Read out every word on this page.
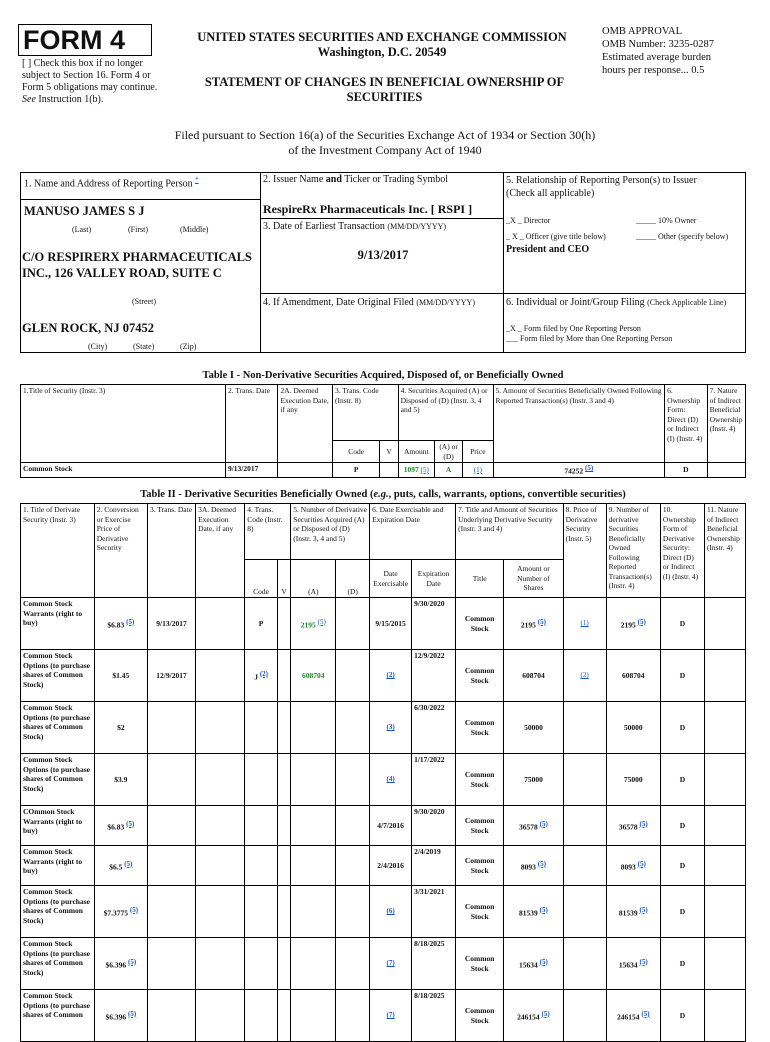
FORM 4
[ ] Check this box if no longer subject to Section 16. Form 4 or Form 5 obligations may continue. See Instruction 1(b).
UNITED STATES SECURITIES AND EXCHANGE COMMISSION
Washington, D.C. 20549
STATEMENT OF CHANGES IN BENEFICIAL OWNERSHIP OF SECURITIES
OMB APPROVAL
OMB Number: 3235-0287
Estimated average burden
hours per response... 0.5
Filed pursuant to Section 16(a) of the Securities Exchange Act of 1934 or Section 30(h) of the Investment Company Act of 1940
1. Name and Address of Reporting Person *
MANUSO JAMES S J
(Last)	(First)	(Middle)
C/O RESPIRERX PHARMACEUTICALS INC., 126 VALLEY ROAD, SUITE C
(Street)
GLEN ROCK, NJ 07452
(City)	(State)	(Zip)
2. Issuer Name and Ticker or Trading Symbol
RespireRx Pharmaceuticals Inc. [ RSPI ]
3. Date of Earliest Transaction (MM/DD/YYYY)
9/13/2017
4. If Amendment, Date Original Filed (MM/DD/YYYY)
5. Relationship of Reporting Person(s) to Issuer
(Check all applicable)
_X _ Director	_____ 10% Owner
_ X _ Officer (give title below)	_____ Other (specify below)
President and CEO
6. Individual or Joint/Group Filing (Check Applicable Line)
_X _ Form filed by One Reporting Person
___ Form filed by More than One Reporting Person
Table I - Non-Derivative Securities Acquired, Disposed of, or Beneficially Owned
1.Title of Security (Instr. 3)	2. Trans. Date	2A. Deemed Execution Date, if any	3. Trans. Code (Instr. 8)		4. Securities Acquired (A) or Disposed of (D) (Instr. 3, 4 and 5)			5. Amount of Securities Beneficially Owned Following Reported Transaction(s) (Instr. 3 and 4)	6. Ownership Form: Direct (D) or Indirect (I) (Instr. 4)	7. Nature of Indirect Beneficial Ownership (Instr. 4)
			Code	V	Amount	(A) or (D)	Price			
Common Stock	9/13/2017		P		1097 (5)	A	(1)	74252 (5)	D	
Table II - Derivative Securities Beneficially Owned (e.g., puts, calls, warrants, options, convertible securities)
1. Title of Derivate Security (Instr. 3)	2. Conversion or Exercise Price of Derivative Security	3. Trans. Date	3A. Deemed Execution Date, if any	4. Trans. Code (Instr. 8)		5. Number of Derivative Securities Acquired (A) or Disposed of (D) (Instr. 3, 4 and 5)		6. Date Exercisable and Expiration Date		7. Title and Amount of Securities Underlying Derivative Security (Instr. 3 and 4)		8. Price of Derivative Security (Instr. 5)	9. Number of derivative Securities Beneficially Owned Following Reported Transaction(s) (Instr. 4)	10. Ownership Form of Derivative Security: Direct (D) or Indirect (I) (Instr. 4)	11. Nature of Indirect Beneficial Ownership (Instr. 4)
				Code	V	(A)	(D)	Date Exercisable	Expiration Date	Title	Amount or Number of Shares				
Common Stock Warrants (right to buy)	$6.83 (5)	9/13/2017		P		2195 (5)		9/15/2015	9/30/2020	Common Stock	2195 (5)	(1)	2195 (5)	D	
Common Stock Options (to purchase shares of Common Stock)	$1.45	12/9/2017		J (2)		608704		(2)	12/9/2022	Common Stock	608704	(2)	608704	D	
Common Stock Options (to purchase shares of Common Stock)	$2							(3)	6/30/2022	Common Stock	50000		50000	D	
Common Stock Options (to purchase shares of Common Stock)	$3.9							(4)	1/17/2022	Common Stock	75000		75000	D	
COmmon Stock Warrants (right to buy)	$6.83 (5)							4/7/2016	9/30/2020	Common Stock	36578 (5)		36578 (5)	D	
Common Stock Warrants (right to buy)	$6.5 (5)							2/4/2016	2/4/2019	Common Stock	8093 (5)		8093 (5)	D	
Common Stock Options (to purchase shares of Common Stock)	$7.3775 (5)							(6)	3/31/2021	Common Stock	81539 (5)		81539 (5)	D	
Common Stock Options (to purchase shares of Common Stock)	$6.396 (5)							(7)	8/18/2025	Common Stock	15634 (5)		15634 (5)	D	
Common Stock Options (to purchase shares of Common	$6.396 (5)							(7)	8/18/2025	Common Stock	246154 (5)		246154 (5)	D	
